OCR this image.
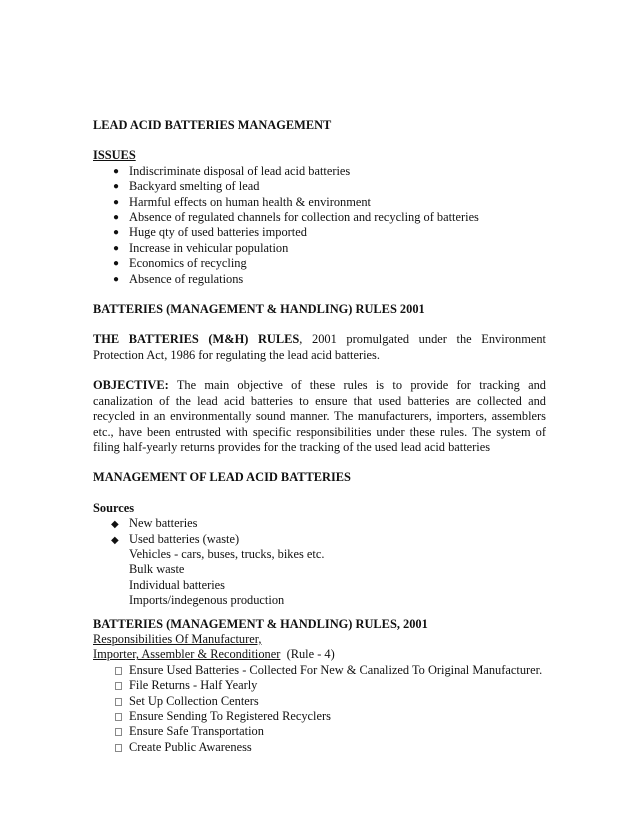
LEAD ACID BATTERIES MANAGEMENT
ISSUES
● Indiscriminate disposal of lead acid batteries
● Backyard smelting of lead
● Harmful effects on human health & environment
● Absence of regulated channels for collection and recycling of batteries
● Huge qty of used batteries imported
● Increase in vehicular population
● Economics of recycling
● Absence of regulations
BATTERIES (MANAGEMENT & HANDLING) RULES 2001
THE BATTERIES (M&H) RULES, 2001 promulgated under the Environment Protection Act, 1986 for regulating the lead acid batteries.
OBJECTIVE: The main objective of these rules is to provide for tracking and canalization of the lead acid batteries to ensure that used batteries are collected and recycled in an environmentally sound manner. The manufacturers, importers, assemblers etc., have been entrusted with specific responsibilities under these rules. The system of filing half-yearly returns provides for the tracking of the used lead acid batteries
MANAGEMENT OF LEAD ACID BATTERIES
Sources
◆ New batteries
◆ Used batteries (waste)
Vehicles - cars, buses, trucks, bikes etc.
Bulk waste
Individual batteries
Imports/indegenous production
BATTERIES (MANAGEMENT & HANDLING) RULES, 2001
Responsibilities Of Manufacturer,
Importer, Assembler & Reconditioner  (Rule - 4)
Ensure Used Batteries - Collected For New & Canalized To Original Manufacturer.
File Returns - Half Yearly
Set Up Collection Centers
Ensure Sending To Registered Recyclers
Ensure Safe Transportation
Create Public Awareness
